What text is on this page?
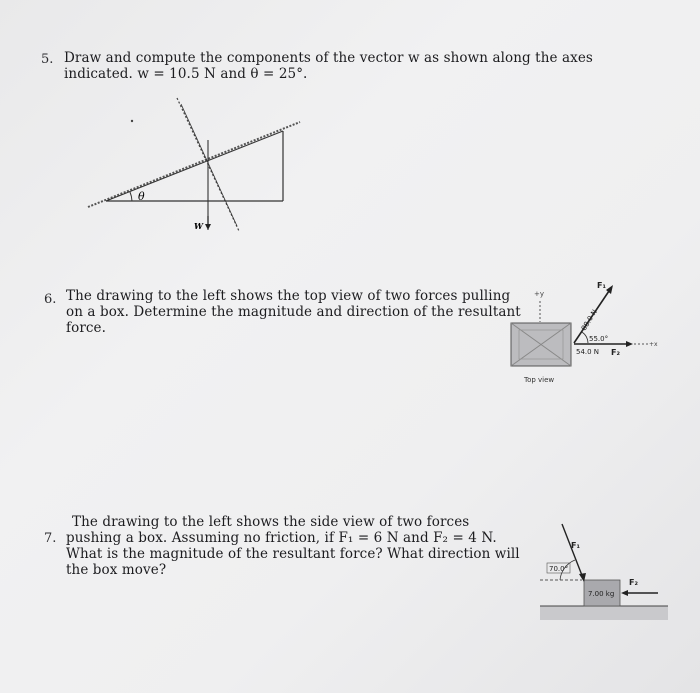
5. Draw and compute the components of the vector w as shown along the axes
indicated. w = 10.5 N and θ = 25°.
θ
W
6. The drawing to the left shows the top view of two forces pulling
on a box. Determine the magnitude and direction of the resultant
force.
+y
Top view
88.0 N
F₁
55.0°
+x
54.0 N F₂
7.
The drawing to the left shows the side view of two forces
pushing a box. Assuming no friction, if F₁ = 6 N and F₂ = 4 N.
What is the magnitude of the resultant force? What direction will
the box move?
7.00 kg
F₁
70.0°
F₂
